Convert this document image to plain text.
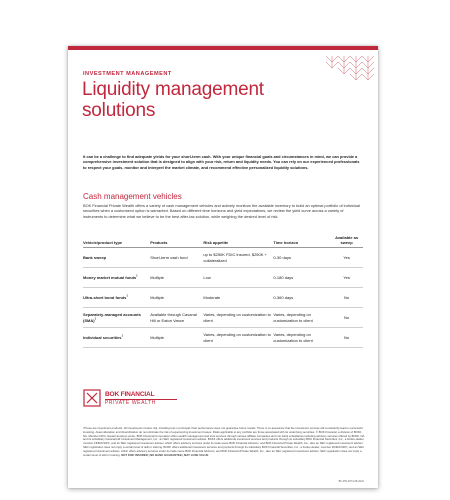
INVESTMENT MANAGEMENT
Liquidity management
solutions
It can be a challenge to find adequate yields for your short-term cash. With your unique financial goals and circumstances in mind, we can provide a comprehensive investment solution that is designed to align with your risk, return and liquidity needs. You can rely on our experienced professionals to respect your goals, monitor and interpret the market climate, and recommend effective personalized liquidity solutions.
Cash management vehicles
BOK Financial Private Wealth offers a variety of cash management vehicles and actively monitors the available inventory to build an optimal portfolio of individual securities when a customized option is warranted. Based on different time horizons and yield expectations, we review the yield curve across a variety of instruments to determine what we believe to be the best after-tax solution, while weighing the desired level of risk.
Vehicle/product type	Products	Risk appetite	Time horizon	Available as sweep
Bank sweep	Short-term cash fund	up to $250K FDIC insured, $250K + collateralized	0-30 days	Yes
Money market mutual funds$^1$	Multiple	Low	0-180 days	Yes
Ultra-short bond funds$^1$	Multiple	Moderate	0-360 days	No
Separately-managed accounts (SMA)$^1$	Available through Cavanal Hill or Eaton Vance	Varies, depending on customization to client	Varies, depending on customization to client	No
Individual securities$^1$	Multiple	Varies, depending on customization to client	Varies, depending on customization to client	No
BOK FINANCIAL
PRIVATE WEALTH
¹These are investment products. All investments involve risk, including loss or principal. Past performance does not guarantee future results. There is no assurance that the investment process will consistently lead to successful investing. Asset allocation and diversification do not eliminate the risk of experiencing investment losses. Risks applicable to any portfolio are those associated with its underlying securities. © BOK Financial, a division of BOKF, NA. Member FDIC. Equal Housing Lender. BOK Financial Corporation offers wealth management and trust services through various affiliate companies and non-bank subsidiaries including advisory services offered by BOKF, NA and its subsidiary Cavanal Hill Investment Management, Inc., an SEC registered investment adviser. BOKF offers additional investment services and products through its subsidiary BOK Financial Securities, Inc., a broker-dealer, member FINRA/SIPC, and an SEC registered investment adviser, which offers advisory services under its trade name BOK Financial Advisors, and BOK Financial Private Wealth, Inc., also an SEC registered investment adviser. SEC registration does not imply a certain level of skill or training. BOKF offers additional investment services and products through its subsidiary BOK Financial Securities, Inc., a broker-dealer, member FINRA/SIPC, and an SEC registered investment adviser, which offers advisory services under its trade name BOK Financial Advisors, and BOK Financial Private Wealth, Inc., also an SEC registered investment adviser. SEC registration does not imply a certain level of skill or training. NOT FDIC INSURED | NO BANK GUARANTEE | MAY LOSE VALUE
BF-PW-0074-08-2022
